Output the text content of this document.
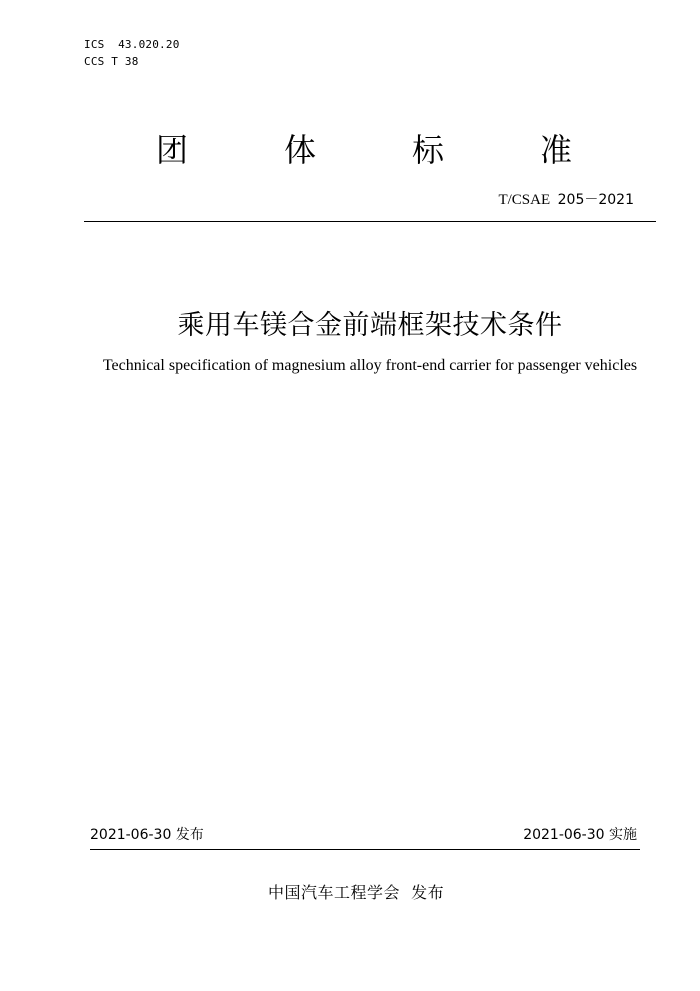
ICS  43.020.20
CCS T 38
团	体	标	准
T/CSAE  205－2021
乘用车镁合金前端框架技术条件
Technical specification of magnesium alloy front-end carrier for passenger vehicles
2021-06-30 发布	2021-06-30 实施
中国汽车工程学会  发布
